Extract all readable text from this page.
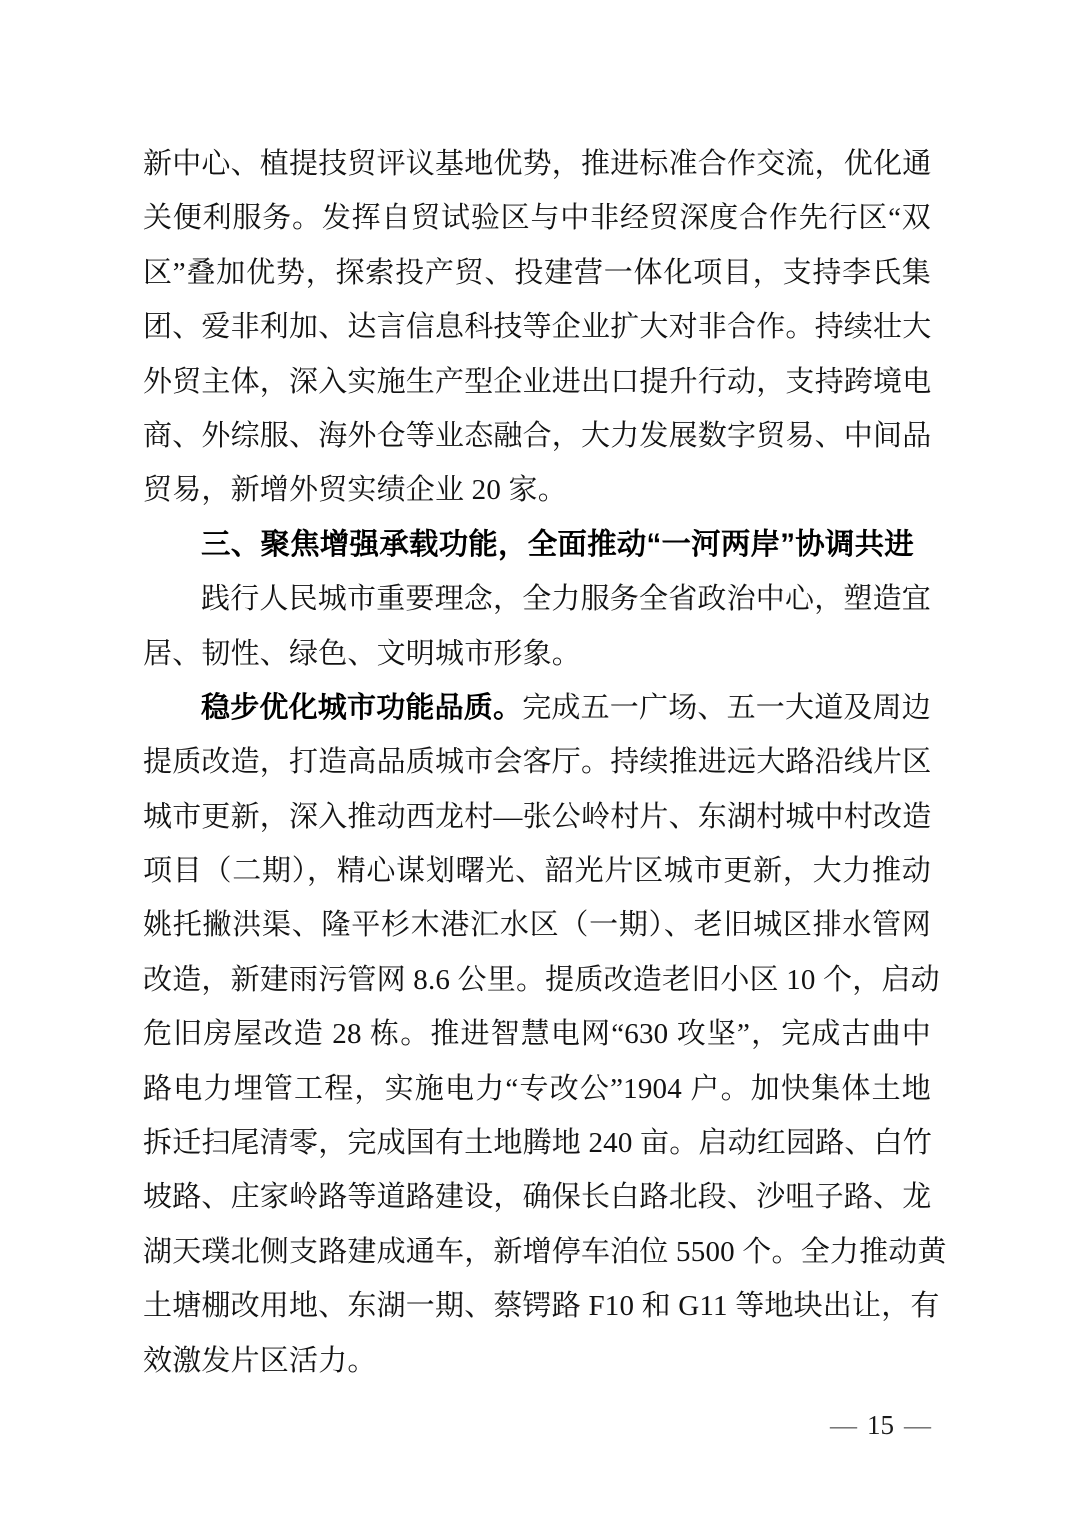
新中心、植提技贸评议基地优势，推进标准合作交流，优化通
关便利服务。发挥自贸试验区与中非经贸深度合作先行区“双
区”叠加优势，探索投产贸、投建营一体化项目，支持李氏集
团、爱非利加、达言信息科技等企业扩大对非合作。持续壮大
外贸主体，深入实施生产型企业进出口提升行动，支持跨境电
商、外综服、海外仓等业态融合，大力发展数字贸易、中间品
贸易，新增外贸实绩企业 20 家。
三、聚焦增强承载功能，全面推动“一河两岸”协调共进
践行人民城市重要理念，全力服务全省政治中心，塑造宜
居、韧性、绿色、文明城市形象。
稳步优化城市功能品质。完成五一广场、五一大道及周边
提质改造，打造高品质城市会客厅。持续推进远大路沿线片区
城市更新，深入推动西龙村—张公岭村片、东湖村城中村改造
项目（二期），精心谋划曙光、韶光片区城市更新，大力推动
姚托撇洪渠、隆平杉木港汇水区（一期）、老旧城区排水管网
改造，新建雨污管网 8.6 公里。提质改造老旧小区 10 个，启动
危旧房屋改造 28 栋。推进智慧电网“630 攻坚”，完成古曲中
路电力埋管工程，实施电力“专改公”1904 户。加快集体土地
拆迁扫尾清零，完成国有土地腾地 240 亩。启动红园路、白竹
坡路、庄家岭路等道路建设，确保长白路北段、沙咀子路、龙
湖天璞北侧支路建成通车，新增停车泊位 5500 个。全力推动黄
土塘棚改用地、东湖一期、蔡锷路 F10 和 G11 等地块出让，有
效激发片区活力。
— 15 —
